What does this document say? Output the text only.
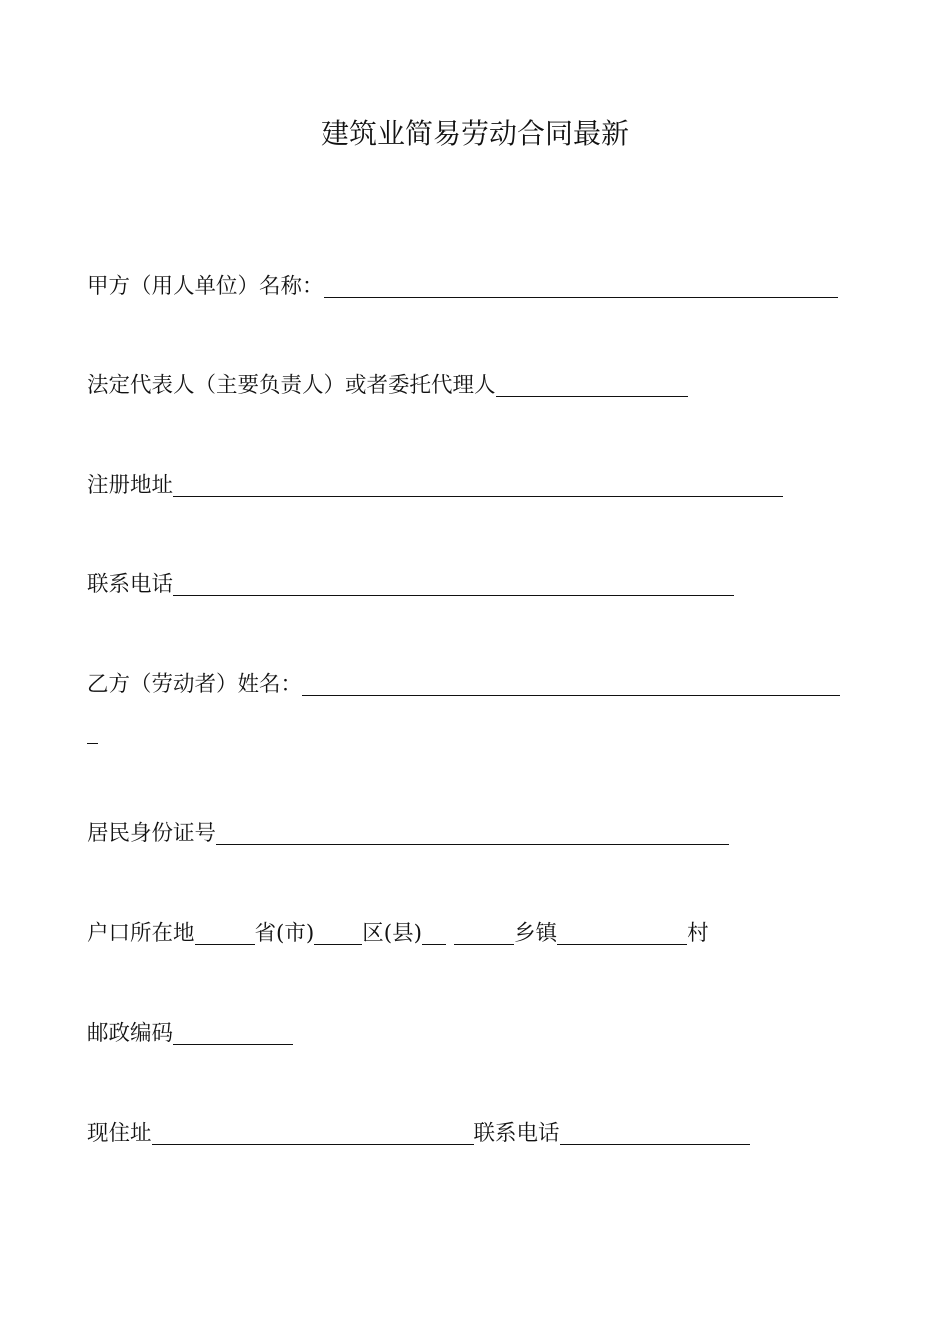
建筑业简易劳动合同最新
甲方（用人单位）名称：
法定代表人（主要负责人）或者委托代理人
注册地址
联系电话
乙方（劳动者）姓名：
居民身份证号
户口所在地	省(市) 区(县)	乡镇	村
邮政编码
现住址	联系电话
